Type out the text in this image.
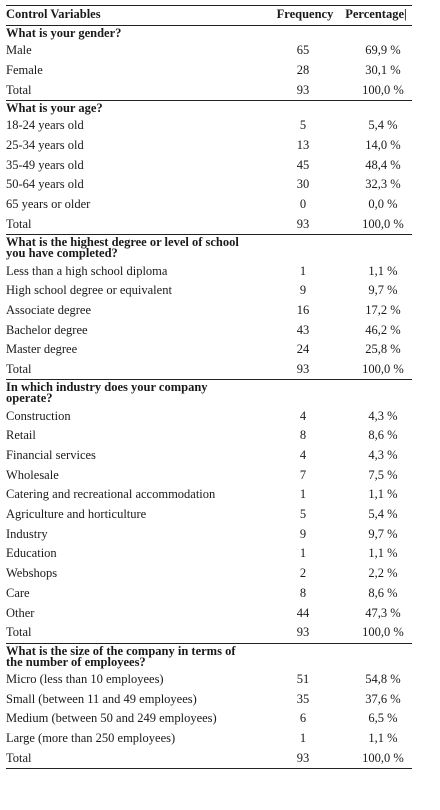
Control Variables	Frequency	Percentage|
What is your gender?		
Male	65	69,9 %
Female	28	30,1 %
Total	93	100,0 %
What is your age?		
18-24 years old	5	5,4 %
25-34 years old	13	14,0 %
35-49 years old	45	48,4 %
50-64 years old	30	32,3 %
65 years or older	0	0,0 %
Total	93	100,0 %
What is the highest degree or level of school you have completed?		
Less than a high school diploma	1	1,1 %
High school degree or equivalent	9	9,7 %
Associate degree	16	17,2 %
Bachelor degree	43	46,2 %
Master degree	24	25,8 %
Total	93	100,0 %
In which industry does your company operate?		
Construction	4	4,3 %
Retail	8	8,6 %
Financial services	4	4,3 %
Wholesale	7	7,5 %
Catering and recreational accommodation	1	1,1 %
Agriculture and horticulture	5	5,4 %
Industry	9	9,7 %
Education	1	1,1 %
Webshops	2	2,2 %
Care	8	8,6 %
Other	44	47,3 %
Total	93	100,0 %
What is the size of the company in terms of the number of employees?		
Micro (less than 10 employees)	51	54,8 %
Small (between 11 and 49 employees)	35	37,6 %
Medium (between 50 and 249 employees)	6	6,5 %
Large (more than 250 employees)	1	1,1 %
Total	93	100,0 %
